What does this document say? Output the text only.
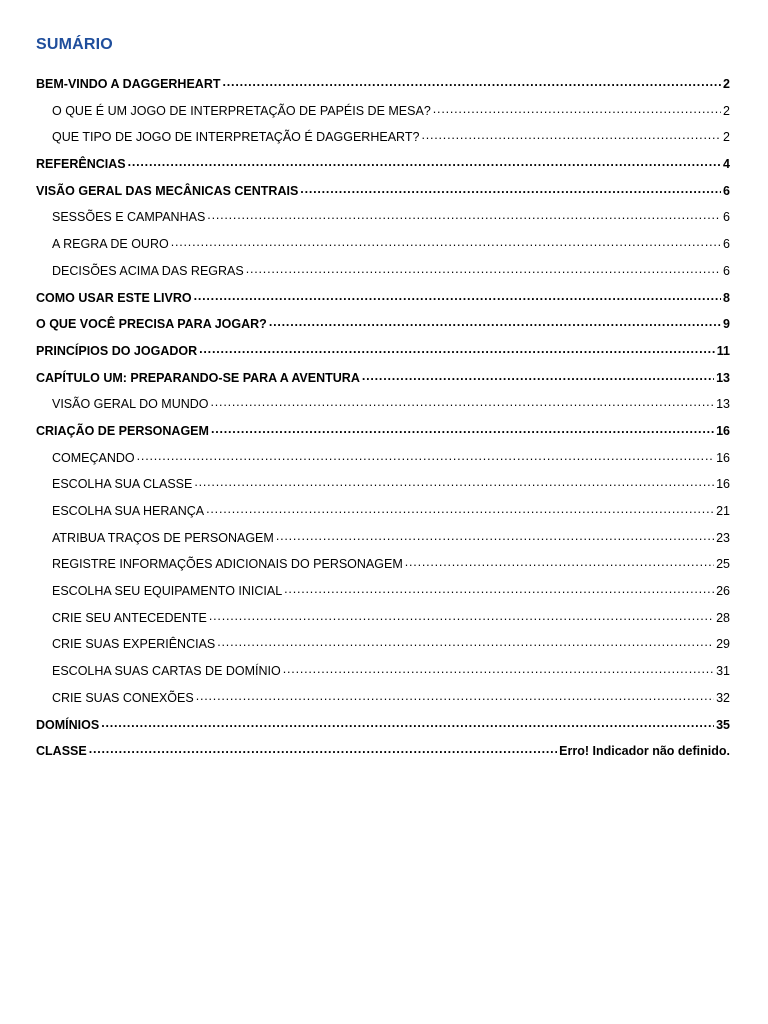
SUMÁRIO
BEM-VINDO A DAGGERHEART .....	2
O QUE É UM JOGO DE INTERPRETAÇÃO DE PAPÉIS DE MESA? .....	2
QUE TIPO DE JOGO DE INTERPRETAÇÃO É DAGGERHEART? .....	2
REFERÊNCIAS .....	4
VISÃO GERAL DAS MECÂNICAS CENTRAIS .....	6
SESSÕES E CAMPANHAS .....	6
A REGRA DE OURO .....	6
DECISÕES ACIMA DAS REGRAS .....	6
COMO USAR ESTE LIVRO .....	8
O QUE VOCÊ PRECISA PARA JOGAR? .....	9
PRINCÍPIOS DO JOGADOR .....	11
CAPÍTULO UM: PREPARANDO-SE PARA A AVENTURA .....	13
VISÃO GERAL DO MUNDO .....	13
CRIAÇÃO DE PERSONAGEM .....	16
COMEÇANDO .....	16
ESCOLHA SUA CLASSE .....	16
ESCOLHA SUA HERANÇA .....	21
ATRIBUA TRAÇOS DE PERSONAGEM .....	23
REGISTRE INFORMAÇÕES ADICIONAIS DO PERSONAGEM .....	25
ESCOLHA SEU EQUIPAMENTO INICIAL .....	26
CRIE SEU ANTECEDENTE .....	28
CRIE SUAS EXPERIÊNCIAS .....	29
ESCOLHA SUAS CARTAS DE DOMÍNIO .....	31
CRIE SUAS CONEXÕES .....	32
DOMÍNIOS .....	35
CLASSE .....	Erro! Indicador não definido.
